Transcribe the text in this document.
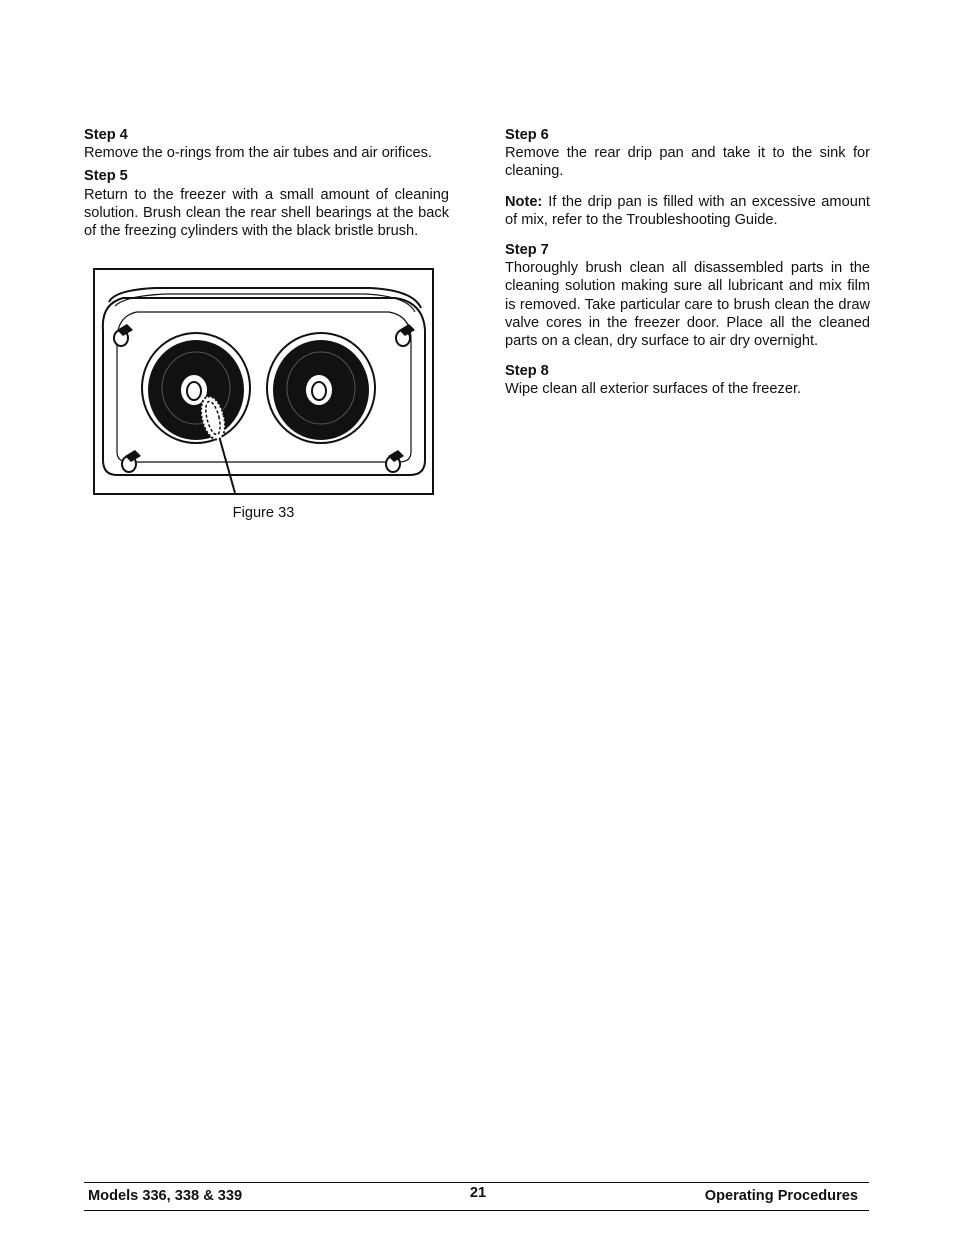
Step 4

Remove the o-rings from the air tubes and air orifices.

Step 5

Return to the freezer with a small amount of cleaning solution. Brush clean the rear shell bearings at the back of the freezing cylinders with the black bristle brush.

Figure 33

Step 6

Remove the rear drip pan and take it to the sink for cleaning.

Note: If the drip pan is filled with an excessive amount of mix, refer to the Troubleshooting Guide.

Step 7

Thoroughly brush clean all disassembled parts in the cleaning solution making sure all lubricant and mix film is removed. Take particular care to brush clean the draw valve cores in the freezer door. Place all the cleaned parts on a clean, dry surface to air dry overnight.

Step 8

Wipe clean all exterior surfaces of the freezer.

Models 336, 338 & 339	21	Operating Procedures
